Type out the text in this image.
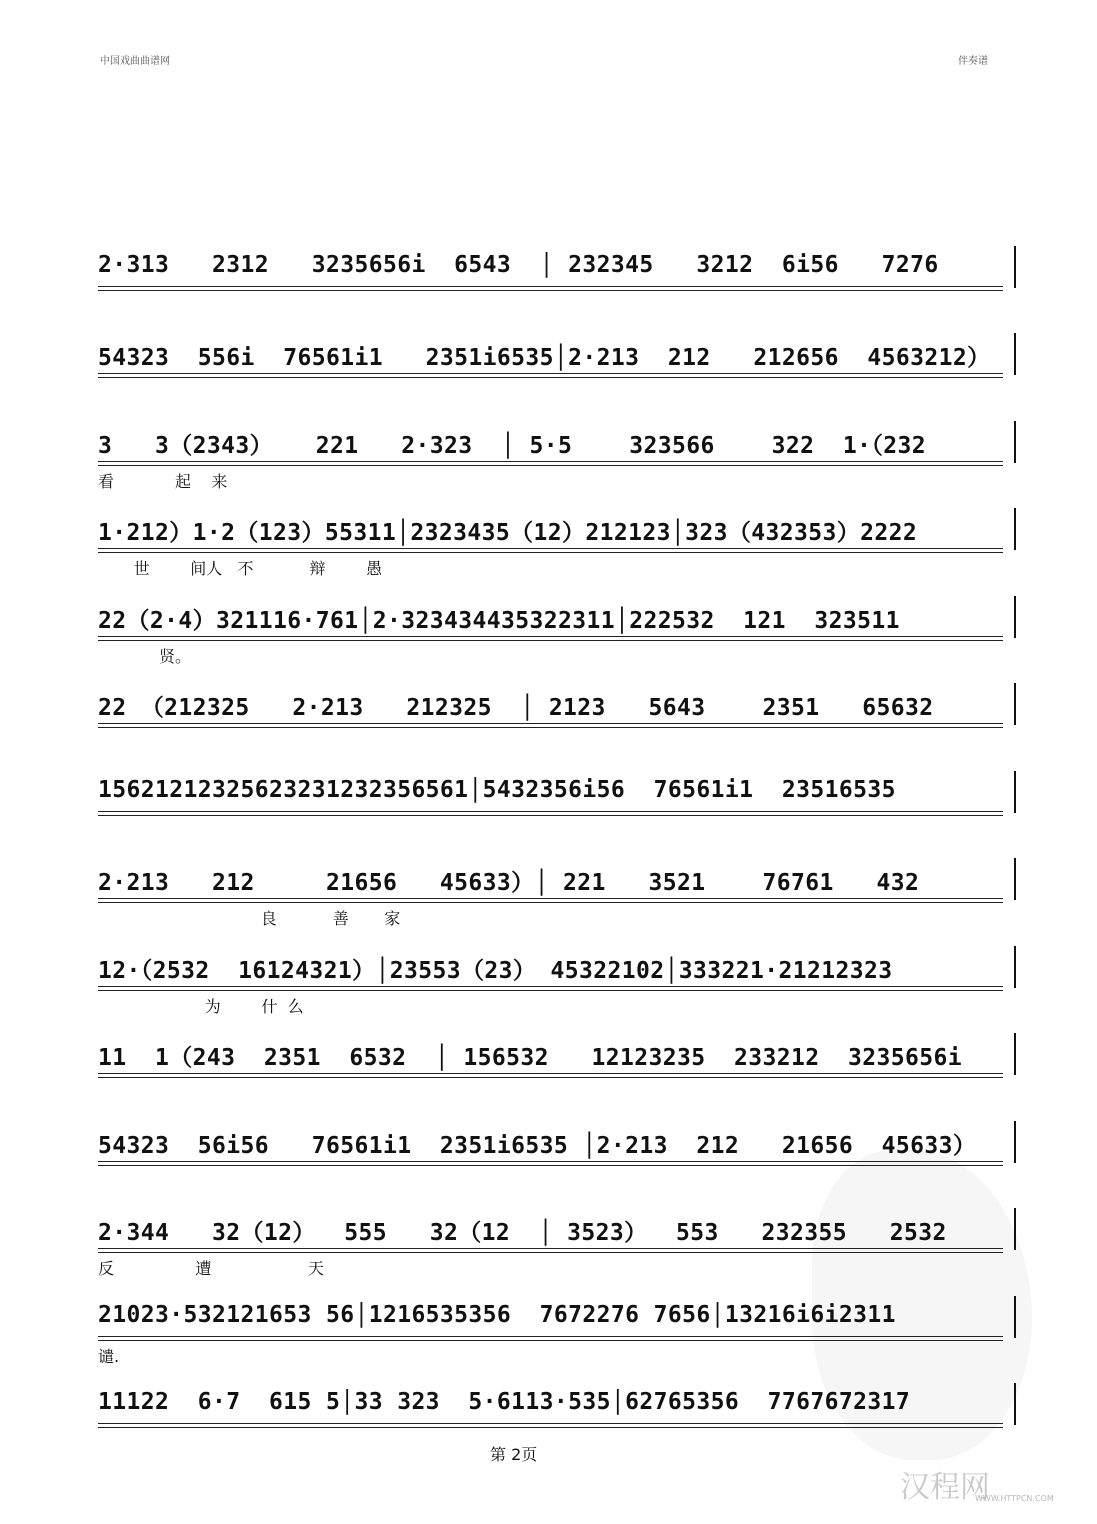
中国戏曲曲谱网	伴奏谱
2·313   2312   3235656i  6543  │ 232345   3212  6i56   7276
54323  556i  76561i1   2351i6535│2·213  212   212656  4563212）
3   3（2343）   221   2·323  │ 5·5    323566    322  1·（232
看            起    来
1·212）1·2（123）55311│2323435（12）212123│323（432353）2222
世        间人   不           辩        愚
22（2·4）321116·761│2·323434435322311│222532  121  323511
贤。
22 （212325   2·213   212325  │ 2123   5643    2351   65632
15621212325623231232356561│5432356i56  76561i1  23516535
2·213   212     21656   45633）│ 221   3521    76761   432
良           善       家
12·（2532  16124321）│23553（23） 45322102│333221·21212323
为        什  么
11  1（243  2351  6532  │ 156532   12123235  233212  3235656i
54323  56i56   76561i1  2351i6535 │2·213  212   21656  45633）
2·344   32（12）  555   32（12  │ 3523）  553   232355   2532
反                遭                   天
21023·532121653 56│1216535356  7672276 7656│13216i6i2311
谴.
11122  6·7  615 5│33 323  5·6113·535│62765356  7767672317
第 2页
汉程网
WWW.HTTPCN.COM
